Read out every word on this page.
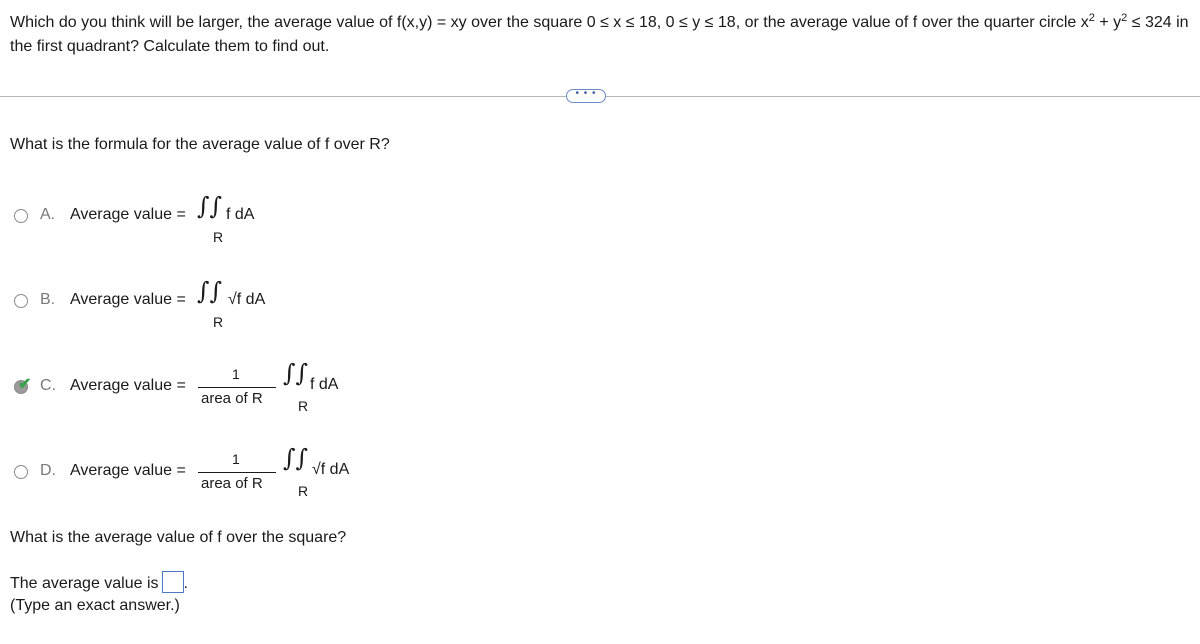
Which do you think will be larger, the average value of f(x,y) = xy over the square 0 ≤ x ≤ 18, 0 ≤ y ≤ 18, or the average value of f over the quarter circle $x^2 + y^2 \le 324$ in the first quadrant? Calculate them to find out.
• • •
What is the formula for the average value of f over R?
A. Average value = ∫∫ f dA
R
B. Average value = ∫∫ √f dA
R
✔ C. Average value =
1
area of R
∫∫ f dA
R
D. Average value =
1
area of R
∫∫ √f dA
R
What is the average value of f over the square?
The average value is .
(Type an exact answer.)
